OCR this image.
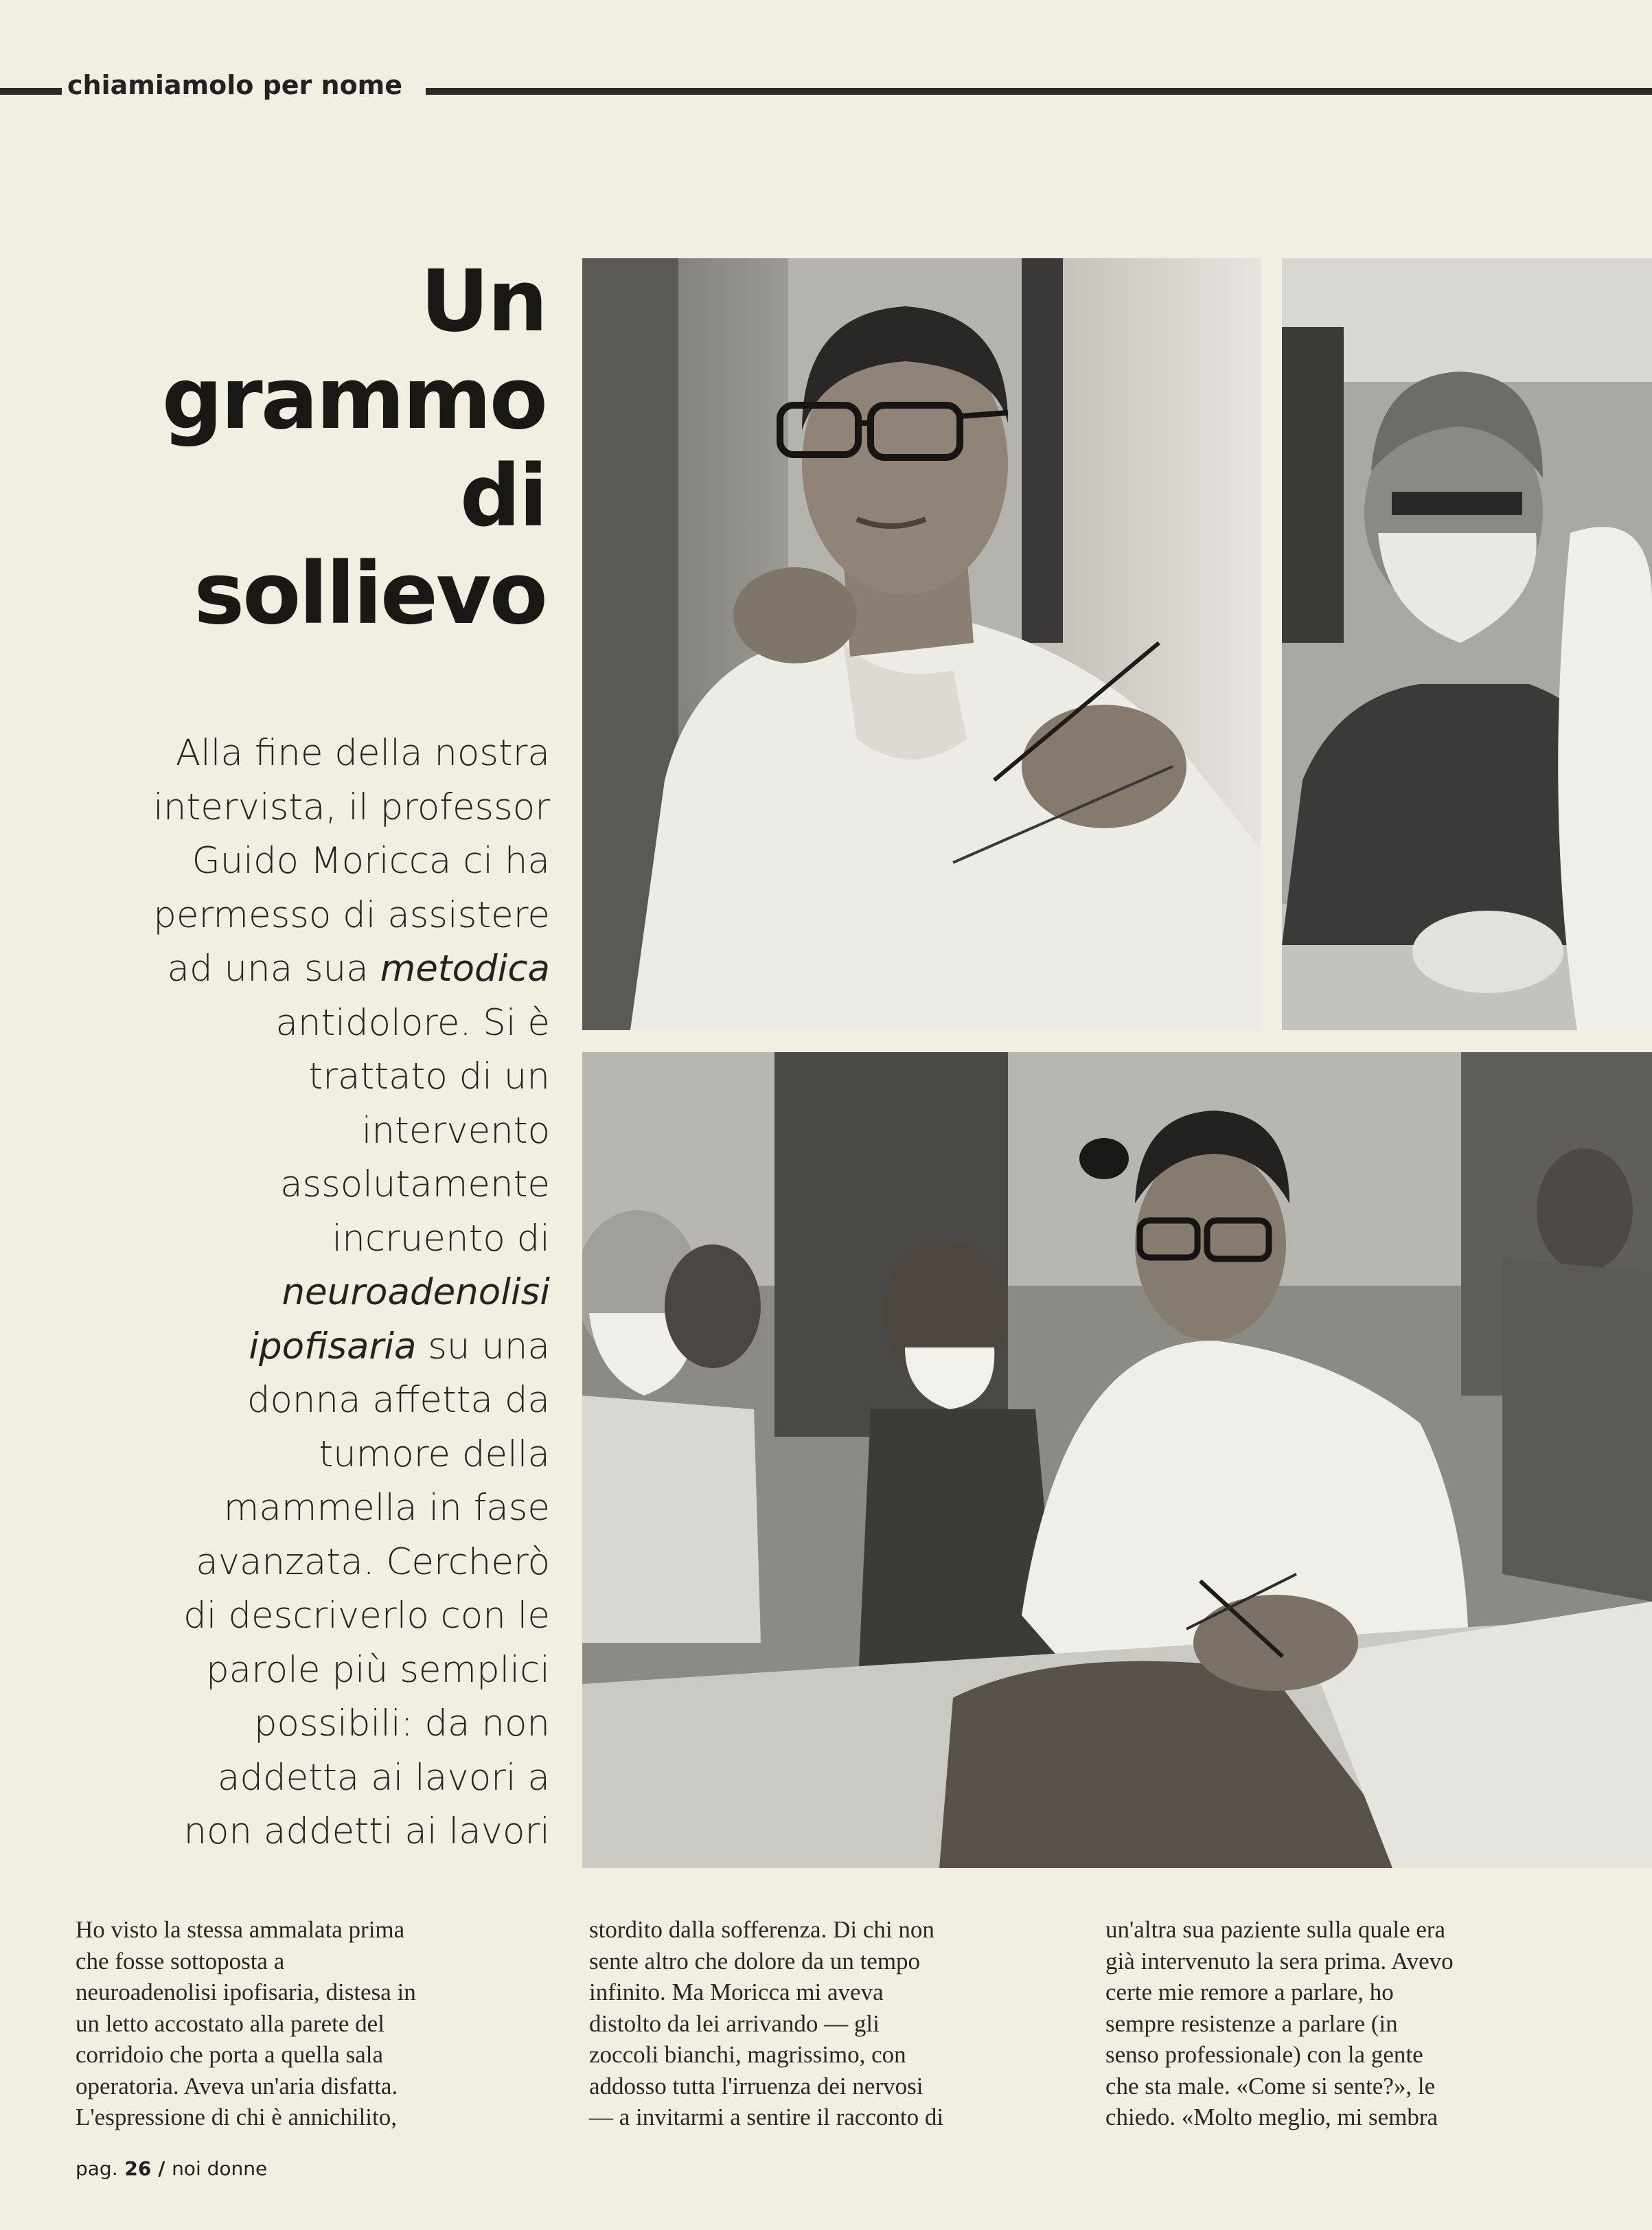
chiamiamolo per nome
Un
grammo
di
sollievo
Alla fine della nostra
intervista, il professor
Guido Moricca ci ha
permesso di assistere
ad una sua metodica
antidolore. Si è
trattato di un
intervento
assolutamente
incruento di
neuroadenolisi
ipofisaria su una
donna affetta da
tumore della
mammella in fase
avanzata. Cercherò
di descriverlo con le
parole più semplici
possibili: da non
addetta ai lavori a
non addetti ai lavori
Ho visto la stessa ammalata prima
che fosse sottoposta a
neuroadenolisi ipofisaria, distesa in
un letto accostato alla parete del
corridoio che porta a quella sala
operatoria. Aveva un'aria disfatta.
L'espressione di chi è annichilito,
stordito dalla sofferenza. Di chi non
sente altro che dolore da un tempo
infinito. Ma Moricca mi aveva
distolto da lei arrivando — gli
zoccoli bianchi, magrissimo, con
addosso tutta l'irruenza dei nervosi
— a invitarmi a sentire il racconto di
un'altra sua paziente sulla quale era
già intervenuto la sera prima. Avevo
certe mie remore a parlare, ho
sempre resistenze a parlare (in
senso professionale) con la gente
che sta male. «Come si sente?», le
chiedo. «Molto meglio, mi sembra
pag. 26 / noi donne
